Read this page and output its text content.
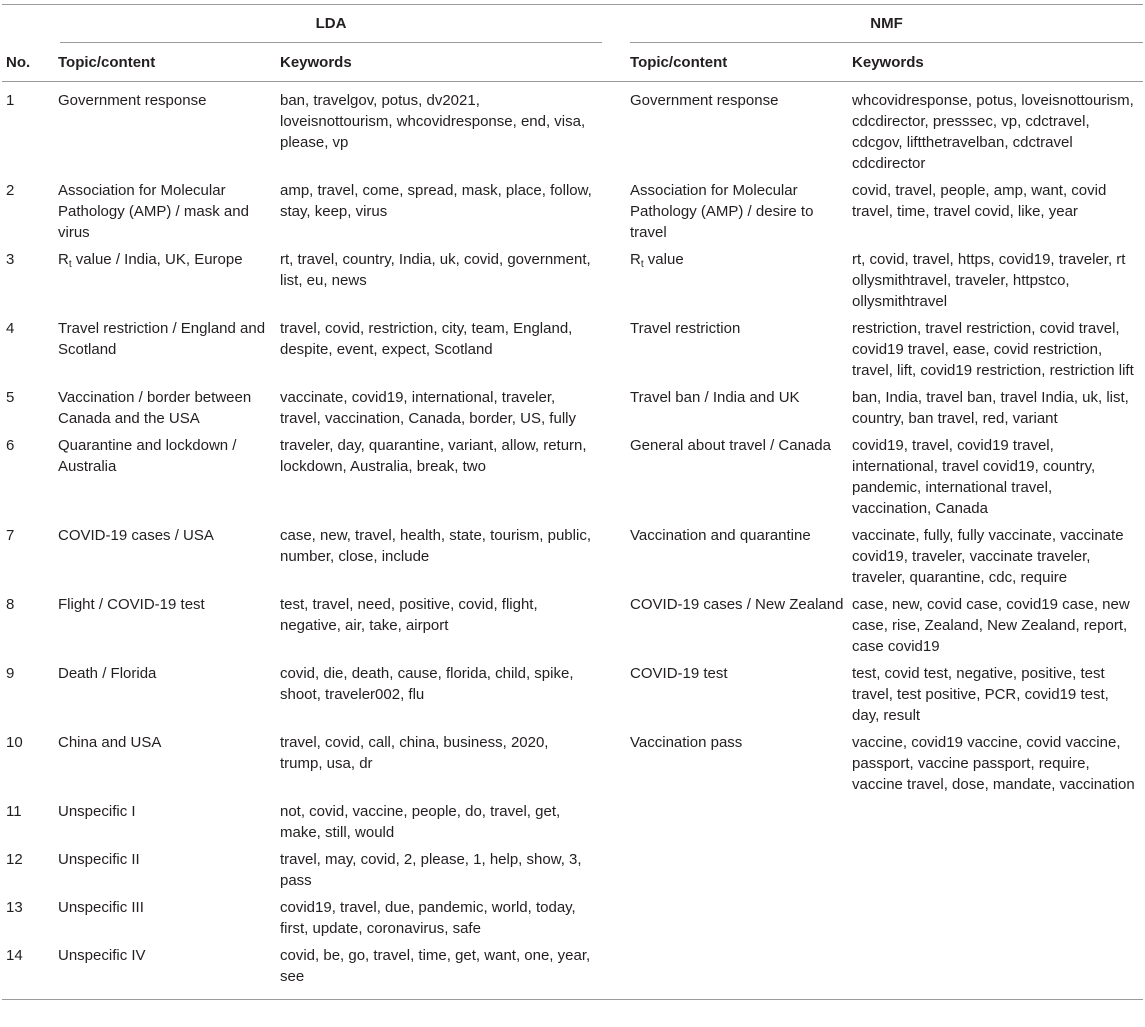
	LDA			NMF	

No.	Topic/content	Keywords		Topic/content	Keywords
1	Government response	ban, travelgov, potus, dv2021, loveisnottourism, whcovidresponse, end, visa, please, vp		Government response	whcovidresponse, potus, loveisnottourism, cdcdirector, presssec, vp, cdctravel, cdcgov, liftthetravelban, cdctravel cdcdirector
2	Association for Molecular Pathology (AMP) / mask and virus	amp, travel, come, spread, mask, place, follow, stay, keep, virus		Association for Molecular Pathology (AMP) / desire to travel	covid, travel, people, amp, want, covid travel, time, travel covid, like, year
3	$R_t$ value / India, UK, Europe	rt, travel, country, India, uk, covid, government, list, eu, news		$R_t$ value	rt, covid, travel, https, covid19, traveler, rt ollysmithtravel, traveler, httpstco, ollysmithtravel
4	Travel restriction / England and Scotland	travel, covid, restriction, city, team, England, despite, event, expect, Scotland		Travel restriction	restriction, travel restriction, covid travel, covid19 travel, ease, covid restriction, travel, lift, covid19 restriction, restriction lift
5	Vaccination / border between Canada and the USA	vaccinate, covid19, international, traveler, travel, vaccination, Canada, border, US, fully		Travel ban / India and UK	ban, India, travel ban, travel India, uk, list, country, ban travel, red, variant
6	Quarantine and lockdown / Australia	traveler, day, quarantine, variant, allow, return, lockdown, Australia, break, two		General about travel / Canada	covid19, travel, covid19 travel, international, travel covid19, country, pandemic, international travel, vaccination, Canada
7	COVID-19 cases / USA	case, new, travel, health, state, tourism, public, number, close, include		Vaccination and quarantine	vaccinate, fully, fully vaccinate, vaccinate covid19, traveler, vaccinate traveler, traveler, quarantine, cdc, require
8	Flight / COVID-19 test	test, travel, need, positive, covid, flight, negative, air, take, airport		COVID-19 cases / New Zealand	case, new, covid case, covid19 case, new case, rise, Zealand, New Zealand, report, case covid19
9	Death / Florida	covid, die, death, cause, florida, child, spike, shoot, traveler002, flu		COVID-19 test	test, covid test, negative, positive, test travel, test positive, PCR, covid19 test, day, result
10	China and USA	travel, covid, call, china, business, 2020, trump, usa, dr		Vaccination pass	vaccine, covid19 vaccine, covid vaccine, passport, vaccine passport, require, vaccine travel, dose, mandate, vaccination
11	Unspecific I	not, covid, vaccine, people, do, travel, get, make, still, would			
12	Unspecific II	travel, may, covid, 2, please, 1, help, show, 3, pass			
13	Unspecific III	covid19, travel, due, pandemic, world, today, first, update, coronavirus, safe			
14	Unspecific IV	covid, be, go, travel, time, get, want, one, year, see			
